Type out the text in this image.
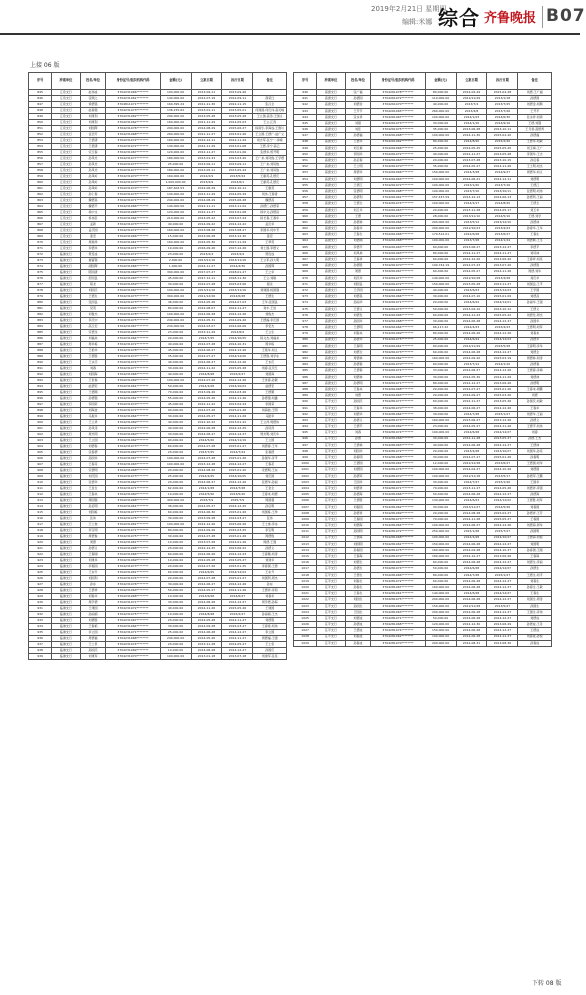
2019年2月21日 星期四
编辑:米娜 综合 齐鲁晚报 B07
上接 06 版
序号	涉案单位	姓名/单位	身份证号/组织机构代码	金额(元)	立案日期	执行日期	备注
845	汇泉支行	赵伟成	3704231966********	100,000.00	2013-09-11	2013-09-26	
846	汇泉支行	张顺之	3704231961********	140,000.00	2012-07-19	2012-09-11	商荣红
847	汇泉支行	徐德铭	3704811971********	160,395.24	2011-11-30	2012-11-15	张汉全
848	汇泉支行	赵春强	3704231973********	136,155.62	2013-01-11	2013-05-01	何建国,何庆伟,高灵峰
849	汇泉支行	刘建利	3704231962********	290,000.00	2013-05-28	2013-05-28	王立国,高涛,王国义
850	汇泉支行	刘建利	3704231962********	160,000.00	2011-11-29	2012-05-03	王立,江涛
851	汇泉支行	刘国辉	3704231976********	290,000.00	2014-08-29	2015-06-27	杨雨乐,李海成,王胜川
852	汇泉支行	伍治芳	3704231968********	260,000.00	2011-11-27	2013-01-26	王立国,王德广,赵广义
853	汇泉支行	王德清	3704231972********	160,000.00	2012-12-11	2012-11-29	刘志军,张宁一,李峰
854	汇泉支行	王德清	3704231972********	130,000.00	2012-11-29	2013-01-08	王德,李宁,高云
855	汇泉支行	宋玉春	3704231967********	120,000.00	2012-11-27	2013-01-06	张德华,郑开明
856	汇泉支行	孙凤光	3704231977********	180,000.00	2013-01-23	2013-03-20	王广来,刘凤俊,王学德
857	汇泉支行	孙凤光	3704231977********	25,000.00	2013-09-11	2013-09-11	王广来,刘凤俊
858	汇泉支行	孙凤光	3704231977********	180,000.00	2013-05-11	2013-05-24	王广来,刘凤俊
859	汇泉支行	孙凤岭	3704231970********	160,000.00	2012/2/9	2013/5/24	王献英,孔德庆
860	汇泉支行	孙凤岭	3704231970********	1,000,000.00	2013/2/9	2013/6/1	王献英,孔德庆
861	汇泉支行	孙凤岭	3704231970********	187,402.53	2014-06-29	2014-10-11	王献英
862	汇泉支行	孙仁春	3704231973********	130,000.00	2013-11-29	2014-05-29	刘伟,王春香
863	汇泉支行	魏德昌	3704231971********	240,000.00	2014-08-29	2015-06-28	魏德昌
864	汇泉支行	魏德平	3704231966********	140,000.00	2012-11-11	2013-11-02	孙德仁,孙德荣
865	汇泉支行	杨中文	3704231968********	120,000.00	2012-11-27	2013-01-08	杨中文,孙德昌
866	汇泉支行	杨伟臣	3704231964********	210,000.00	2013-05-22	2013-07-24	杨长春,王春华
867	汇泉支行	孟新	3704231973********	40,000.00	2014-09-22	2014-12-22	孟庆华
868	汇泉支行	孟庆国	3704231972********	160,000.00	2013-08-28	2013-08-27	李国华,何中芳
869	汇泉支行	姜宏	3704231966********	15,000.00	2013-06-28	2013-12-30	姜宏
870	汇泉支行	周焕珍	3704231961********	160,000.00	2014-05-30	2017-11-29	王翠英
871	汇泉支行	李德华	3704231974********	19,000.00	2016-09-26	2017-12-26	刘士国,李德义
872	临港支行	贾连成	3704231972********	23,000.00	2013/2/4	2013/2/4	贾连成
873	临港支行	谢富强	3704231969********	2,000.00	2013/11/16	2013/11/16	王立军,孙大明
874	临港支行	胡国辉	3704231966********	1,000.00	2014-11-27	2014/4/30	孙国辉
875	临港支行	陈国清	3704231969********	390,000.00	2017-07-27	2018-01-27	王之华
876	临港支行	彭国良	3704231963********	45,000.00	2017-12-11	2018-11-30	王立,刘敏
877	临港支行	程龙	3704231959********	30,000.00	2014-07-28	2015-03-06	程龙
878	临港支行	刘国庆	3704231967********	100,000.00	2013/11/16	2013/11/16	刘建国,杨国强
879	临港支行	王德生	3704231973********	300,000.00	2011/12/26	2012/6/28	王德生
880	临港支行	张国良	3704231973********	46,000.00	2014-05-26	2014-07-03	王华,张国良
881	临港支行	吴英	3704231965********	80,000.00	2014-08-07	2014-11-27	刘丰,王岩
882	临港支行	刘俊杰	3704231978********	100,000.00	2014-06-28	2014-12-26	刘俊杰
883	临港支行	李庆中	3704231975********	240,000.00	2014-05-31	2014-09-26	王德福,李庆国
884	临港支行	高玉宏	3704231967********	230,000.00	2014-03-07	2014-06-06	李宏杰
885	临港支行	宋德龙	3704231965********	23,000.00	2013-11-29	2013/6/4	王立生
886	临港支行	刘福来	3704231964********	20,000.00	2014/7/25	2014/10/25	杨文杰,刘福来
887	临港支行	周华栋	3704231972********	40,000.00	2014-07-28	2014-10-31	周华栋
888	临港支行	王艳华	3704231978********	45,000.00	2014-06-27	2014-12-26	王艳华,刘义
889	临港支行	王德胜	3704231970********	35,000.00	2014-07-27	2014/12/26	王德胜,刘学东
890	临港支行	王永庆	3704231974********	40,000.00	2014-06-27	2014-12-26	王永庆
891	临港支行	刘春	3704231977********	30,000.00	2014-11-22	2015-05-28	刘春,张庆红
892	临港支行	刘国海	3704231966********	40,000.00	2014/8/28	2015/2/27	刘国海
893	临港支行	王世春	3704231969********	100,000.00	2014-07-26	2014-12-26	王世春,孙敬
894	临港支行	赵德宏	3704231961********	50,000.00	2014/4/28	2014/10/24	赵德宏
895	临港支行	王德顺	3704231968********	70,000.00	2013-09-26	2014-03-26	王德顺
896	临港支行	孙德强	3704231961********	55,000.00	2014-05-26	2014-11-26	孙德强,刘鑫
897	临港支行	李国荣	3704231970********	45,000.00	2012-11-22	2013-02-24	李国荣
898	临港支行	刘海波	3704231972********	90,000.00	2014-07-26	2015-01-26	刘海波,王明
899	临港支行	马振华	3704231964********	30,000.00	2014-05-27	2014-11-26	马振华
900	临港支行	王立祥	3704231969********	40,000.00	2012-10-22	2013-01-22	王立祥,周德伟
901	临港支行	孙凤涛	3704231972********	40,000.00	2014-06-28	2014-12-25	孙凤涛
902	临港支行	周光明	3704231960********	30,000.00	2014-06-27	2014-12-27	周光明,刘庆华
903	临港支行	王立国	3704231962********	90,000.00	2014/5/20	2014/11/19	王立国
904	临港支行	刘德春	3704231973********	60,000.00	2014-07-28	2015-01-27	刘德春,王华
905	临港支行	张春德	3704231962********	20,000.00	2013/7/25	2014/7/24	张春德
906	临港支行	孙国华	3704231967********	100,000.00	2014-07-28	2015-01-26	孙国华,李平
907	临港支行	王春花	3704231963********	100,000.00	2013-12-28	2014-12-27	王春花
908	临港支行	宋德明	3704231968********	20,000.00	2014-08-20	2015-01-20	宋德明,王东
909	临港支行	刘庆国	3704231973********	25,000.00	2014/4/25	2014/10/25	刘庆国
910	临港支行	张德华	3704231962********	20,000.00	2014-06-27	2014-12-26	张德华,孙丽
911	临港支行	王金全	3704231971********	62,000.00	2014/1/28	2014/7/28	王金全
912	临港支行	王春来	3704231960********	10,000.00	2012/5/20	2013/5/20	王春来,刘德
913	临港支行	周国强	3704231968********	400,000.00	2015/7/9	2015/7/9	周国强
914	临港支行	孙启明	3704231961********	36,000.00	2014-05-27	2014-12-25	孙启明
915	临港支行	刘国栋	3704231977********	60,000.00	2014-06-30	2015-01-26	刘国栋,王珍
916	临港支行	张伟	3704231976********	30,000.00	2013-09-28	2014-03-27	张伟
917	临港支行	王士奎	3704231961********	100,000.00	2014-12-26	2015-06-26	王士奎,李冰
918	临港支行	李宝明	3704231971********	80,000.00	2014-09-26	2015-03-25	李宝明
919	临港支行	周德俊	3704231975********	30,000.00	2014-07-28	2015-01-26	周德俊
920	临港支行	周德	3704231961********	10,000.00	2013-07-28	2014-01-26	周德,王强
921	临港支行	孙德义	3704231968********	20,000.00	2012-12-25	2013-06-22	孙德义
922	临港支行	王春刚	3704231966********	60,000.00	2014-06-26	2014-12-23	王春刚,刘涛
923	临港支行	刘建华	3704231969********	10,000.00	2012-05-28	2013-05-27	刘建华
924	临港支行	李春国	3704231973********	20,000.00	2014-07-26	2015-01-25	李春国,王德
925	临港支行	王东升	3704231961********	60,000.00	2014/6/25	2014/12/24	王东升
926	临港支行	刘国利	3704231974********	20,000.00	2014-07-28	2015-01-27	刘国利,周杰
927	临港支行	孙东	3704231976********	30,000.00	2014-06-27	2014-12-26	孙东
928	临港支行	王德祥	3704231963********	50,000.00	2014-05-27	2014-11-26	王德祥,李莉
929	临港支行	刘春华	3704231968********	10,000.00	2013/6/28	2014/6/27	刘春华
930	临港支行	周学德	3704231971********	30,000.00	2014-06-28	2014-12-27	周学德,孙海
931	临港支行	王建国	3704231972********	40,000.00	2014-11-26	2015-05-26	王建国
932	临港支行	孙丽娟	3704231975********	10,000.00	2014/8/28	2015/2/27	孙丽娟,王杰
933	临港支行	刘德胜	3704231967********	20,000.00	2014-05-28	2014-11-27	刘德胜
934	临港支行	王春艳	3704231964********	30,000.00	2014-09-28	2015-03-27	王春艳,刘伟
935	临港支行	李立国	3704231971********	25,000.00	2014-06-28	2014-12-27	李立国
936	临港支行	周德福	3704231968********	240,000.00	2014-05-26	2014-11-27	周德福,王强
937	临港支行	王士泉	3704231974********	20,000.00	2013-11-28	2014-05-27	王士泉
938	临港支行	孙国庆	3704231969********	10,000.00	2014-06-28	2014-12-27	孙国庆
939	临港支行	刘建军	3704231970********	100,000.00	2013-01-18	2013-07-18	刘建军,张亮
序号	涉案单位	姓名/单位	身份证号/组织机构代码	金额(元)	立案日期	执行日期	备注
940	高唐支行	张广福	3704261978********	80,000.00	2014-04-29	2015-04-28	刘德,王广福
941	高唐支行	孙德国	3704261972********	110,000.00	2012/11/29	2013/1/18	孙德国
942	高唐支行	刘德金	3704261970********	40,000.00	2013/7/4	2013/7/25	刘德金,刘顺
943	高唐支行	王开平	3704261965********	260,000.00	2013/4/8	2013/7/26	王开平
944	高唐支行	张永祥	3704261967********	100,000.00	2014/1/23	2014/6/30	张永祥,刘鸿
945	高唐支行	刘强	3704261973********	30,000.00	2014/1/10	2014/9/10	王德,刘强
946	高唐支行	刘佳	3704261975********	35,000.00	2013-06-28	2013-10-11	王月香,高德青
947	高唐支行	孙德福	3704261968********	100,000.00	2014-11-30	2015-02-20	孙德福
948	高唐支行	王德华	3704261962********	80,000.00	2014/8/20	2015/2/20	王德华,刘敏
949	高唐支行	刘玉梅	3704261966********	25,000.00	2014-05-25	2015-05-20	刘玉梅,王广
950	高唐支行	李国华	3704261972********	40,000.00	2012-11-27	2013-05-28	李国华,王志
951	高唐支行	孙启春	3704261963********	20,000.00	2013-07-28	2013-10-15	孙启春
952	高唐支行	王士明	3704261970********	35,000.00	2014-05-27	2014-11-26	王士明,刘杰
953	高唐支行	周德华	3704261966********	150,000.00	2014/3/28	2014/9/27	周德华,刘义
954	高唐支行	刘德明	3704261963********	100,000.00	2014-06-21	2014-12-11	刘德明
955	高唐支行	王德江	3704261972********	100,000.00	2013/1/20	2013/7/16	王德江
956	高唐支行	张德明	3704261968********	100,000.00	2013/7/10	2013/10/11	张德明,刘伟
957	高唐支行	孙德利	3704261961********	157,437.59	2013-12-13	2014-06-13	孙德利,王丽
958	高唐支行	王德全	3704261974********	100,000.00	2014/2/17	2014/8/20	王德全
959	高唐支行	刘玉华	3704261963********	20,000.00	2013-11-28	2014-05-17	刘玉华
960	高唐支行	王德	3704261976********	28,000.00	2013/11/10	2014/5/10	王德,刘学
961	高唐支行	孙德林	3704261964********	200,000.00	2013/5/12	2013/12/10	孙德林
962	高唐支行	孙春华	3704261965********	200,000.00	2012/10/23	2013/4/23	孙春华,王华
963	高唐支行	王春生	3704261966********	179,512.01	2012/6/28	2013/6/27	王春生
964	高唐支行	刘德顺	3704261968********	100,000.00	2013/7/28	2014/1/24	刘德顺,王冬
965	高唐支行	李德平	3704261963********	60,000.00	2013-06-27	2013-12-27	李德平
966	高唐支行	刘凤林	3704261963********	80,000.00	2014-11-27	2014-11-27	刘凤林
967	高唐支行	王春祥	3704261976********	60,000.00	2012-12-20	2013-06-20	王春祥,刘亮
968	高唐支行	孙德胜	3704261970********	100,744.19	2012-07-23	2013-07-20	孙德胜
969	高唐支行	周德	3704261967********	60,000.00	2014-05-27	2014-11-26	周德,刘华
970	高唐支行	刘庆华	3704261977********	140,000.00	2012/10/28	2013/4/28	刘庆华
971	高唐支行	刘国良	3704261972********	150,000.00	2013-05-28	2013-11-27	刘国良,王平
972	高唐支行	王学国	3704261962********	40,000.00	2013/6/23	2013/12/23	王学国
973	高唐支行	刘德昌	3704261966********	30,000.00	2014-07-10	2015-01-09	刘德昌
974	高唐支行	孙丽华	3704261971********	20,000.00	2014/6/22	2014/12/21	孙丽华,王强
975	高唐支行	王德义	3704261973********	50,000.00	2013-04-12	2013-10-12	王德义
976	高唐支行	刘德发	3704261966********	60,000.00	2014-11-23	2015-05-22	刘德发,周杰
977	高唐支行	孙国华	3704261968********	30,000.00	2014-06-28	2014-12-27	孙国华
978	高唐支行	王德明	3704261964********	66,117.22	2014/4/23	2015/4/23	王德明,刘军
979	高唐支行	刘春来	3704261969********	80,000.00	2014-06-26	2014-12-26	刘春来
980	高唐支行	孙德华	3704261975********	25,000.00	2014/6/24	2014/12/23	孙德华
981	高唐支行	王春明	3704261961********	60,000.00	2014/11/29	2015/5/28	王春明,李华
982	高唐支行	刘德全	3704261973********	69,000.00	2014-06-28	2014-12-27	刘德全
983	高唐支行	周德林	3704261962********	160,000.00	2014-09-20	2015-03-19	周德林,刘涛
984	高唐支行	孙德春	3704261970********	60,000.00	2013/7/12	2014/1/10	孙德春
985	高唐支行	王德春	3704261974********	33,000.00	2014-06-27	2014-12-26	王德春,李梅
986	高唐支行	刘德林	3704261966********	30,000.00	2014-05-30	2014-11-29	刘德林
987	高唐支行	孙德明	3704261971********	80,000.00	2012-12-27	2013-06-26	孙德明
988	高唐支行	王春来	3704261968********	20,000.00	2014-07-27	2015-01-26	王春来,周鹏
989	高唐支行	刘德	3704261963********	20,000.00	2014-09-27	2015-03-26	刘德
990	茌平支行	孙国庆	3704281977********	60,000.00	2012-11-27	2013-05-26	孙国庆,刘敏
991	茌平支行	王春华	3704281970********	38,000.00	2014-06-27	2014-12-26	王春华
992	茌平支行	刘德华	3704281964********	39,000.00	2014/7/28	2015/1/27	刘德华,王丽
993	茌平支行	孙德义	3704281973********	160,000.00	2013-06-27	2013-12-26	孙德义
994	茌平支行	王德平	3704281969********	23,000.00	2014-05-27	2014-11-26	王德平,刘伟
995	茌平支行	刘春	3704281974********	100,000.00	2014/6/28	2014/12/27	刘春
996	茌平支行	孙德	3704281966********	30,000.00	2012-11-28	2013-05-27	孙德,王杰
997	茌平支行	王德林	3704281963********	40,000.00	2014-06-28	2014-12-27	王德林
998	茌平支行	刘国华	3704281972********	20,000.00	2013/4/28	2013/10/27	刘国华,孙亮
999	茌平支行	孙春明	3704281968********	30,000.00	2014-07-27	2015-01-26	孙春明
1000	茌平支行	王德国	3704281961********	12,000.00	2012/12/28	2013/6/27	王德国,刘华
1001	茌平支行	刘德国	3704281976********	100,000.00	2014-04-27	2014-10-26	刘德国
1002	茌平支行	孙德军	3704281970********	100,000.00	2012/11/18	2013/5/17	孙德军,王鹏
1003	茌平支行	王国华	3704281963********	30,000.00	2014/7/27	2015/1/26	王国华
1004	茌平支行	刘德祥	3704281971********	70,000.00	2013-11-27	2014-05-26	刘德祥,李强
1005	茌平支行	孙德海	3704281966********	50,000.00	2014-06-28	2014-12-27	孙德海
1006	茌平支行	王德胜	3704281974********	130,000.00	2014/6/23	2014/12/22	王德胜,刘军
1007	茌平支行	刘春国	3704281962********	30,000.00	2013/11/27	2014/5/26	刘春国
1008	茌平支行	孙德祥	3704281969********	20,000.00	2014-08-28	2015-02-27	孙德祥,王芳
1009	茌平支行	王春国	3704281973********	70,000.00	2014-11-28	2015-05-27	王春国
1010	茌平支行	刘德海	3704281964********	100,000.00	2014-06-27	2014-12-26	刘德海,周华
1011	茌平支行	孙国明	3704281972********	250,000.00	2015/1/28	2015/7/27	孙国明
1012	茌平支行	王德海	3704281968********	100,000.00	2014/4/28	2014/10/27	王德海,刘艳
1013	茌平支行	刘国明	3704281961********	150,000.00	2014-06-28	2014-12-27	刘国明
1014	茌平支行	孙春国	3704281975********	160,000.00	2014-04-28	2014-10-27	孙春国,王刚
1015	茌平支行	王春海	3704281970********	180,000.00	2012-12-27	2013-06-26	王春海
1016	茌平支行	刘德生	3704281963********	60,000.00	2014-06-28	2014-12-27	刘德生,李丽
1017	茌平支行	孙德生	3704281974********	50,000.00	2014/6/28	2014/12/27	孙德生
1018	茌平支行	王德生	3704281966********	80,000.00	2014/7/28	2015/1/27	王德生,刘平
1019	茌平支行	刘春生	3704281972********	60,000.00	2014-06-28	2014-12-27	刘春生
1020	茌平支行	孙春生	3704281967********	160,000.00	2014-06-28	2014-12-27	孙春生,王敏
1021	茌平支行	王春生	3704281961********	140,000.00	2014/6/28	2014/12/27	王春生
1022	茌平支行	刘国生	3704281975********	200,000.00	2014-06-28	2014-12-27	刘国生,周涛
1023	茌平支行	孙国生	3704281969********	150,000.00	2012/11/28	2013/5/27	孙国生
1024	茌平支行	王国生	3704281963********	200,000.00	2014-06-28	2014-12-27	王国生,李伟
1025	茌平支行	刘德成	3704281971********	50,000.00	2014-06-28	2014-12-27	刘德成
1026	茌平支行	孙德成	3704281968********	120,000.00	2012-12-30	2013-06-29	孙德成,王丹
1027	茌平支行	王德成	3704281974********	150,000.00	2014-06-28	2014-12-27	王德成
1028	茌平支行	刘春成	3704281962********	100,000.00	2014-06-28	2014-12-27	刘春成,孙悦
1029	茌平支行	孙春成	3704281970********	200,000.00	2012-08-31	2013-08-30	孙春成
下转 08 版
